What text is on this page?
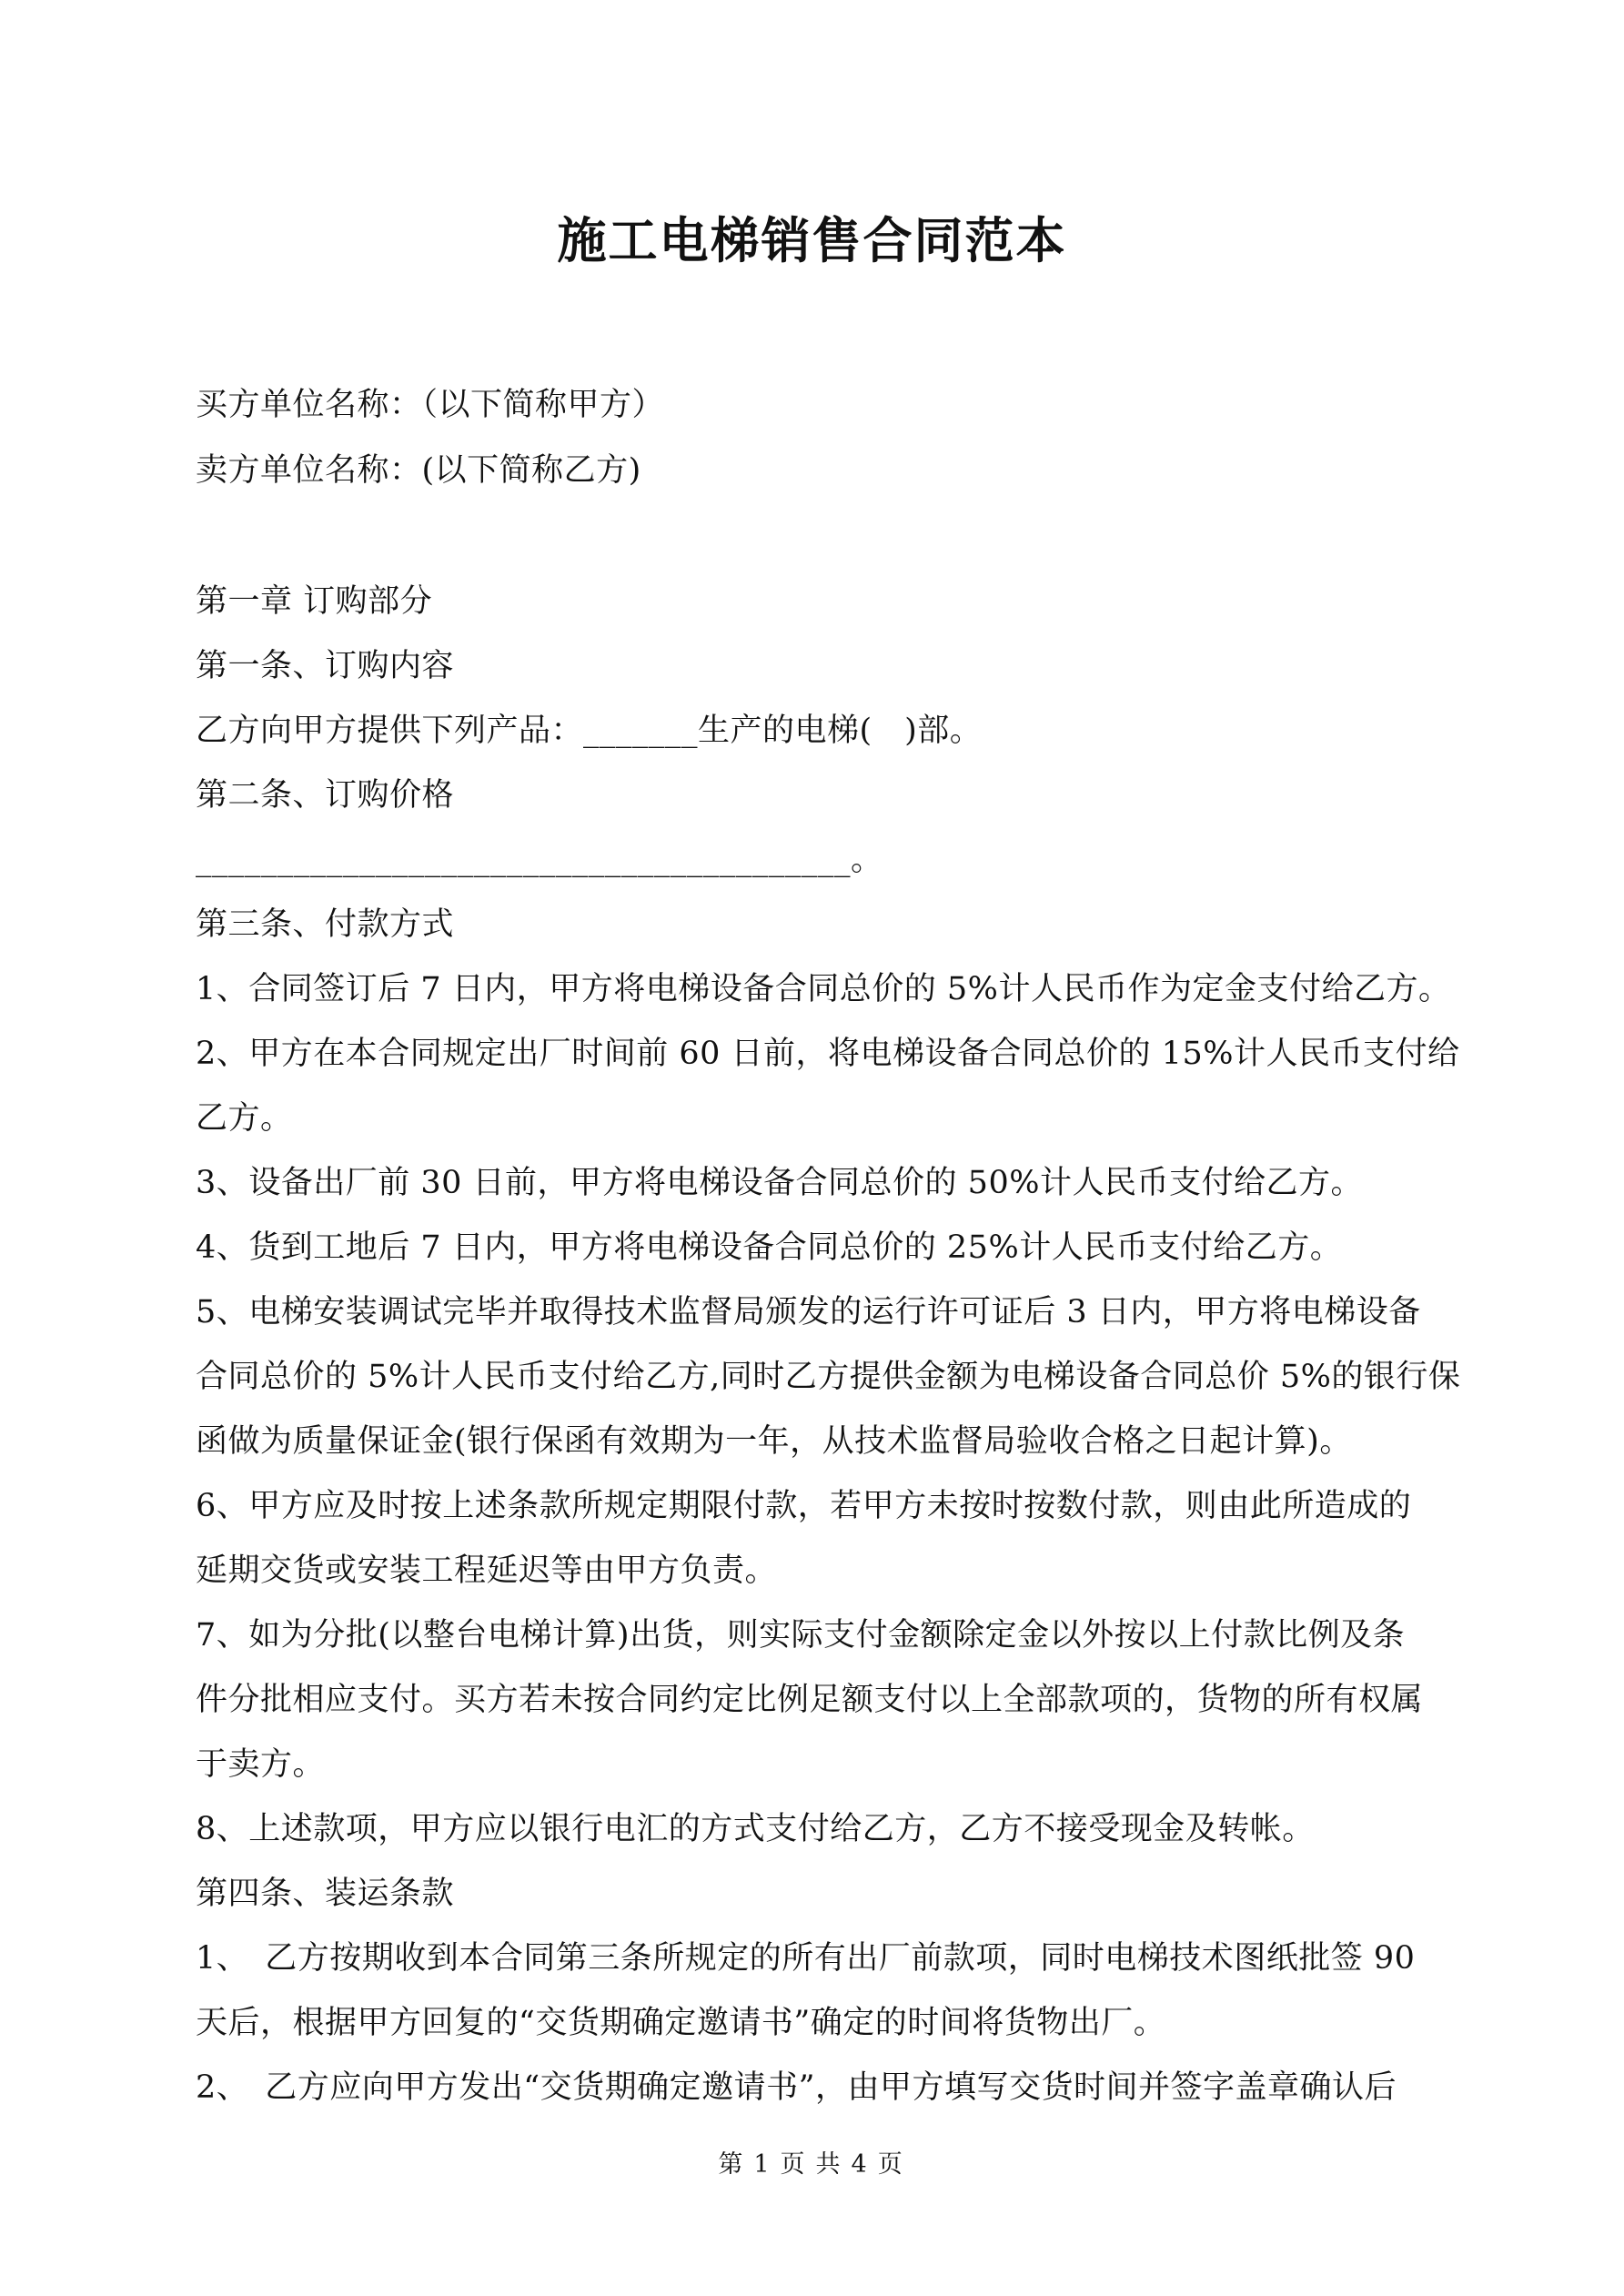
施工电梯销售合同范本
买方单位名称：（以下简称甲方）
卖方单位名称：(以下简称乙方)
第一章 订购部分
第一条、订购内容
乙方向甲方提供下列产品：_______生产的电梯(　)部。
第二条、订购价格
________________________________________。
第三条、付款方式
1、合同签订后 7 日内，甲方将电梯设备合同总价的 5%计人民币作为定金支付给乙方。
2、甲方在本合同规定出厂时间前 60 日前，将电梯设备合同总价的 15%计人民币支付给
乙方。
3、设备出厂前 30 日前，甲方将电梯设备合同总价的 50%计人民币支付给乙方。
4、货到工地后 7 日内，甲方将电梯设备合同总价的 25%计人民币支付给乙方。
5、电梯安装调试完毕并取得技术监督局颁发的运行许可证后 3 日内，甲方将电梯设备
合同总价的 5%计人民币支付给乙方,同时乙方提供金额为电梯设备合同总价 5%的银行保
函做为质量保证金(银行保函有效期为一年，从技术监督局验收合格之日起计算)。
6、甲方应及时按上述条款所规定期限付款，若甲方未按时按数付款，则由此所造成的
延期交货或安装工程延迟等由甲方负责。
7、如为分批(以整台电梯计算)出货，则实际支付金额除定金以外按以上付款比例及条
件分批相应支付。买方若未按合同约定比例足额支付以上全部款项的，货物的所有权属
于卖方。
8、上述款项，甲方应以银行电汇的方式支付给乙方，乙方不接受现金及转帐。
第四条、装运条款
1、　乙方按期收到本合同第三条所规定的所有出厂前款项，同时电梯技术图纸批签 90
天后，根据甲方回复的“交货期确定邀请书”确定的时间将货物出厂。
2、　乙方应向甲方发出“交货期确定邀请书”，由甲方填写交货时间并签字盖章确认后
第 1 页 共 4 页
